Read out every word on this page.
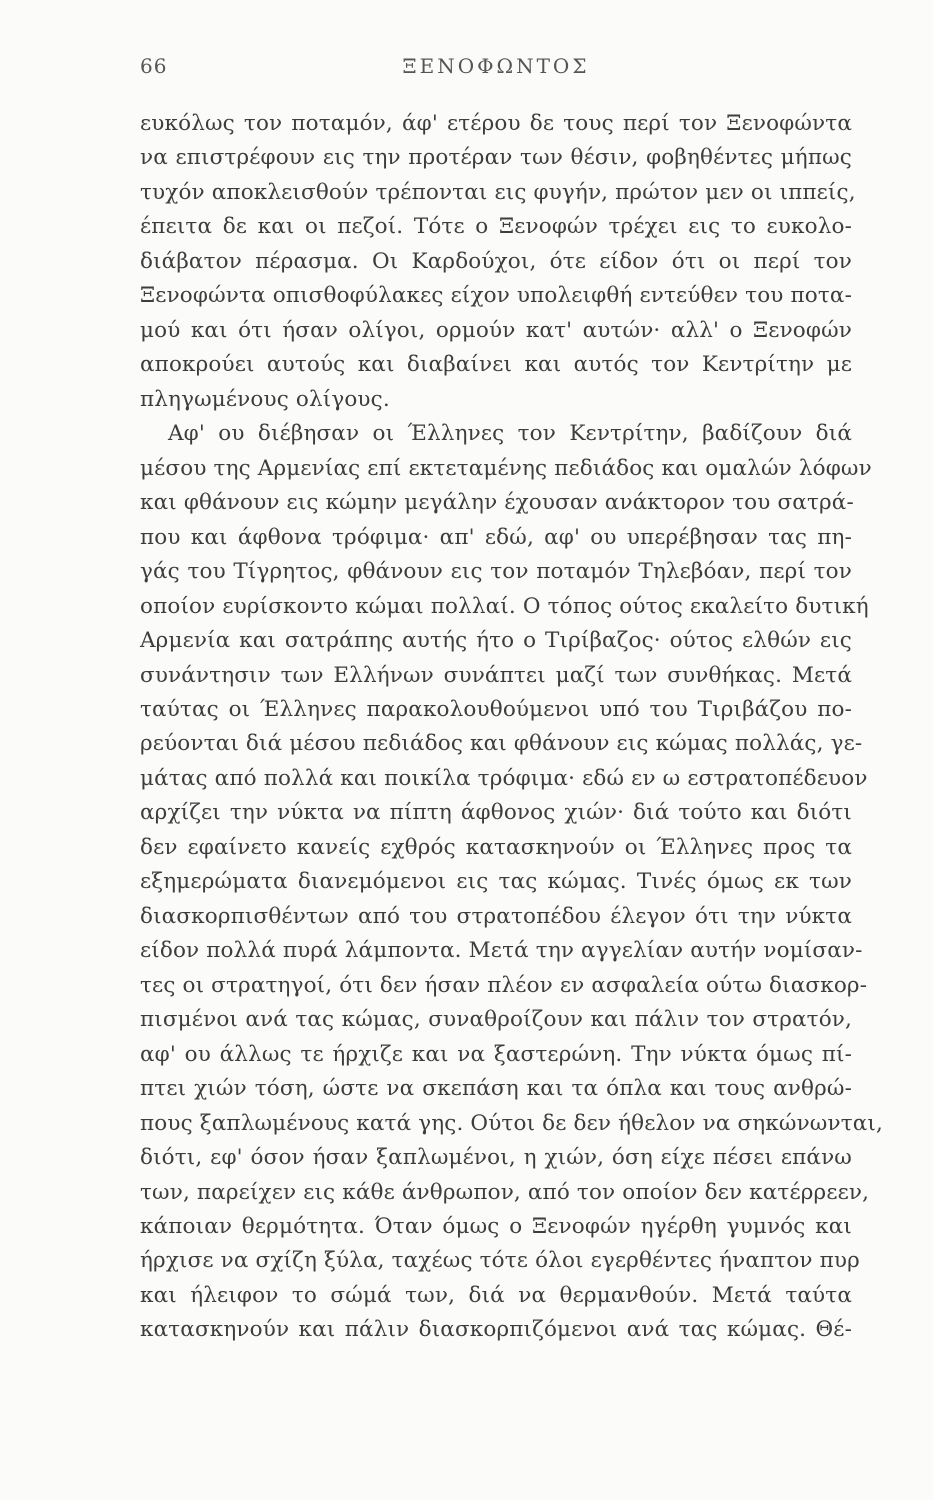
66	ΞΕΝΟΦΩΝΤΟΣ
ευκόλως τον ποταμόν, άφ' ετέρου δε τους περί τον Ξενοφώντα
να επιστρέφουν εις την προτέραν των θέσιν, φοβηθέντες μήπως
τυχόν αποκλεισθούν τρέπονται εις φυγήν, πρώτον μεν οι ιππείς,
έπειτα δε και οι πεζοί. Τότε ο Ξενοφών τρέχει εις το ευκολο-
διάβατον πέρασμα. Οι Καρδούχοι, ότε είδον ότι οι περί τον
Ξενοφώντα οπισθοφύλακες είχον υπολειφθή εντεύθεν του ποτα-
μού και ότι ήσαν ολίγοι, ορμούν κατ' αυτών· αλλ' ο Ξενοφών
αποκρούει αυτούς και διαβαίνει και αυτός τον Κεντρίτην με
πληγωμένους ολίγους.
Αφ' ου διέβησαν οι Έλληνες τον Κεντρίτην, βαδίζουν διά
μέσου της Αρμενίας επί εκτεταμένης πεδιάδος και ομαλών λόφων
και φθάνουν εις κώμην μεγάλην έχουσαν ανάκτορον του σατρά-
που και άφθονα τρόφιμα· απ' εδώ, αφ' ου υπερέβησαν τας πη-
γάς του Τίγρητος, φθάνουν εις τον ποταμόν Τηλεβόαν, περί τον
οποίον ευρίσκοντο κώμαι πολλαί. Ο τόπος ούτος εκαλείτο δυτική
Αρμενία και σατράπης αυτής ήτο ο Τιρίβαζος· ούτος ελθών εις
συνάντησιν των Ελλήνων συνάπτει μαζί των συνθήκας. Μετά
ταύτας οι Έλληνες παρακολουθούμενοι υπό του Τιριβάζου πο-
ρεύονται διά μέσου πεδιάδος και φθάνουν εις κώμας πολλάς, γε-
μάτας από πολλά και ποικίλα τρόφιμα· εδώ εν ω εστρατοπέδευον
αρχίζει την νύκτα να πίπτη άφθονος χιών· διά τούτο και διότι
δεν εφαίνετο κανείς εχθρός κατασκηνούν οι Έλληνες προς τα
εξημερώματα διανεμόμενοι εις τας κώμας. Τινές όμως εκ των
διασκορπισθέντων από του στρατοπέδου έλεγον ότι την νύκτα
είδον πολλά πυρά λάμποντα. Μετά την αγγελίαν αυτήν νομίσαν-
τες οι στρατηγοί, ότι δεν ήσαν πλέον εν ασφαλεία ούτω διασκορ-
πισμένοι ανά τας κώμας, συναθροίζουν και πάλιν τον στρατόν,
αφ' ου άλλως τε ήρχιζε και να ξαστερώνη. Την νύκτα όμως πί-
πτει χιών τόση, ώστε να σκεπάση και τα όπλα και τους ανθρώ-
πους ξαπλωμένους κατά γης. Ούτοι δε δεν ήθελον να σηκώνωνται,
διότι, εφ' όσον ήσαν ξαπλωμένοι, η χιών, όση είχε πέσει επάνω
των, παρείχεν εις κάθε άνθρωπον, από τον οποίον δεν κατέρρεεν,
κάποιαν θερμότητα. Όταν όμως ο Ξενοφών ηγέρθη γυμνός και
ήρχισε να σχίζη ξύλα, ταχέως τότε όλοι εγερθέντες ήναπτον πυρ
και ήλειφον το σώμά των, διά να θερμανθούν. Μετά ταύτα
κατασκηνούν και πάλιν διασκορπιζόμενοι ανά τας κώμας. Θέ-
